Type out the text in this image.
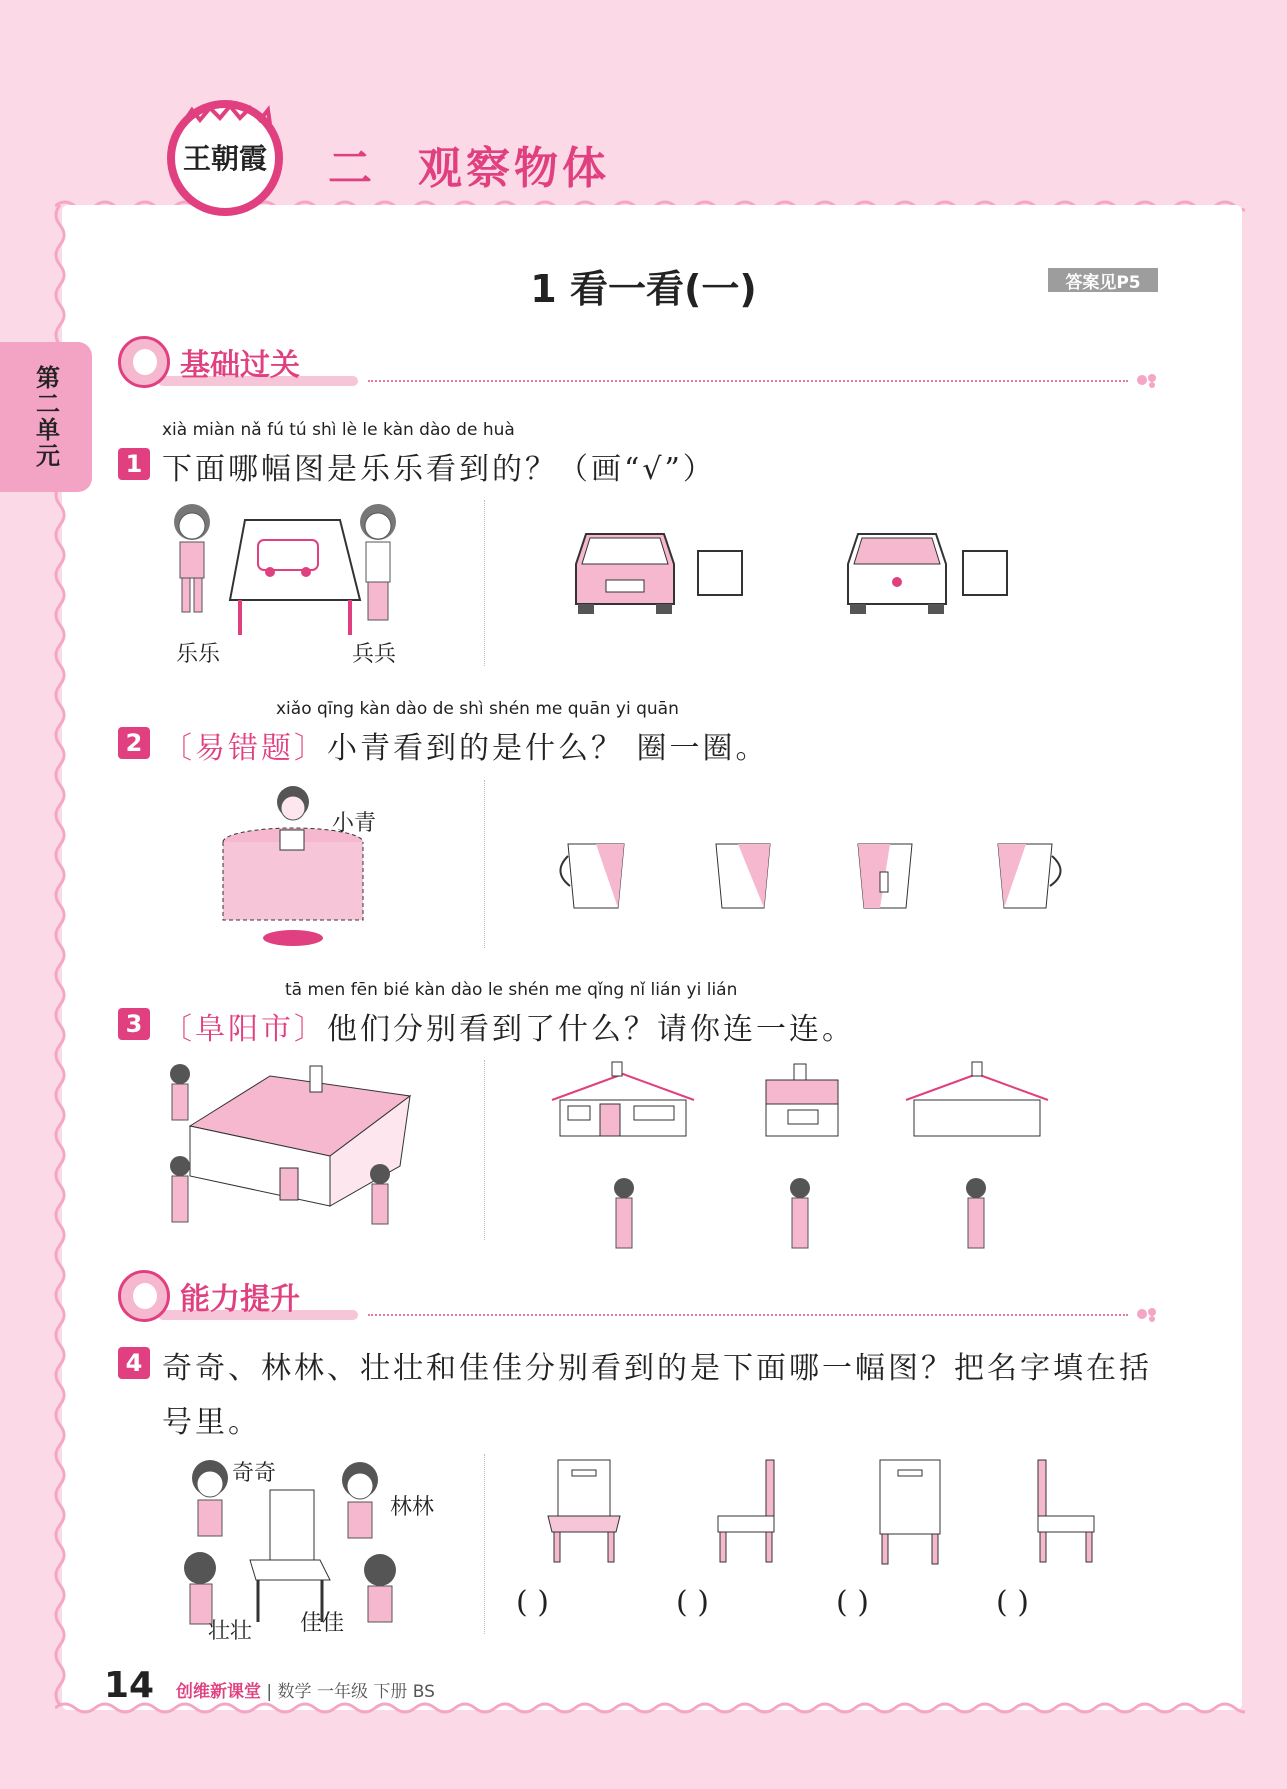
王朝霞 二 观察物体
第二单元
1 看一看(一)	答案见P5
基础过关
xià miàn nǎ fú tú shì lè le kàn dào de huà
1 下面哪幅图是乐乐看到的？（画“√”）
乐乐	兵兵
xiǎo qīng kàn dào de shì shén me quān yi quān
2 〔易错题〕小青看到的是什么？ 圈一圈。
小青
tā men fēn bié kàn dào le shén me qǐng nǐ lián yi lián
3 〔阜阳市〕他们分别看到了什么？请你连一连。
能力提升
4 奇奇、林林、壮壮和佳佳分别看到的是下面哪一幅图？把名字填在括
号里。
奇奇
林林
壮壮 佳佳
( )	( )	( )	( )
14 创维新课堂 | 数学 一年级 下册 BS
